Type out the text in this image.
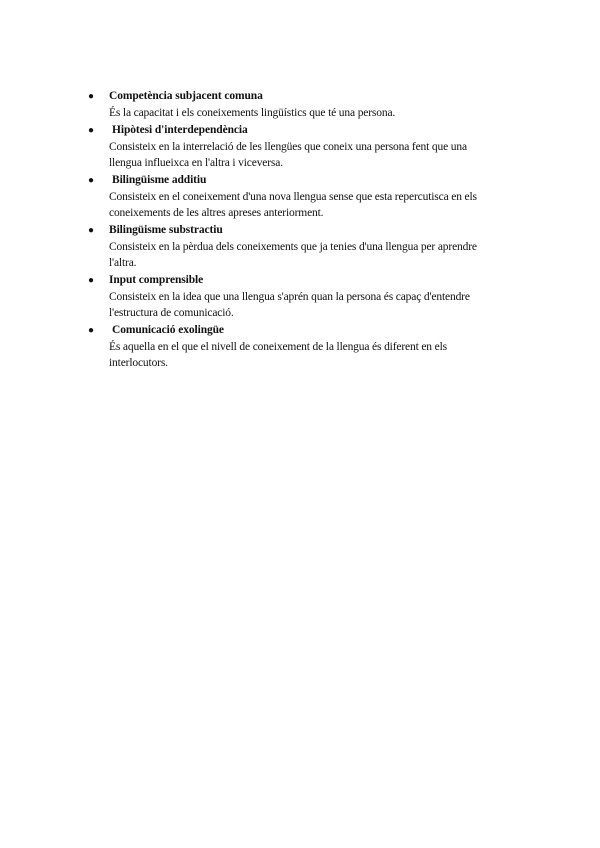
●	Competència subjacent comuna
És la capacitat i els coneixements lingüístics que té una persona.
●	Hipòtesi d'interdependència
Consisteix en la interrelació de les llengües que coneix una persona fent que una
llengua influeixca en l'altra i viceversa.
●	Bilingüisme additiu
Consisteix en el coneixement d'una nova llengua sense que esta repercutisca en els
coneixements de les altres apreses anteriorment.
●	Bilingüisme substractiu
Consisteix en la pèrdua dels coneixements que ja tenies d'una llengua per aprendre
l'altra.
●	Input comprensible
Consisteix en la idea que una llengua s'aprén quan la persona és capaç d'entendre
l'estructura de comunicació.
●	Comunicació exolingüe
És aquella en el que el nivell de coneixement de la llengua és diferent en els
interlocutors.
